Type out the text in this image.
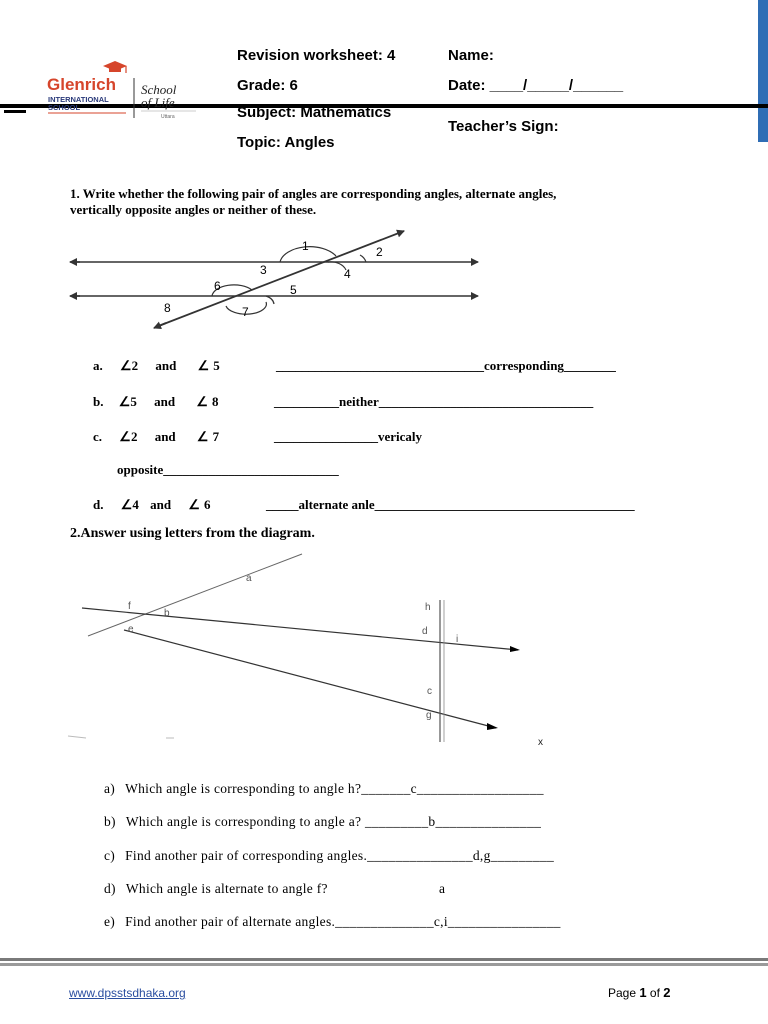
Glenrich
INTERNATIONAL
SCHOOL
School
of Life
Uttara
Revision worksheet: 4
Grade: 6
Subject: Mathematics
Topic: Angles
Name:
Date: ____/_____/______
Teacher’s Sign:
1. Write whether the following pair of angles are corresponding angles, alternate angles,
vertically opposite angles or neither of these.
1	2
3	4
6	5
8	7
a. ∠2 and ∠ 5	________________________________corresponding________
b. ∠5 and ∠ 8	__________neither_________________________________
c. ∠2 and ∠ 7	________________vericaly
opposite___________________________
d. ∠4 and ∠ 6	_____alternate anle________________________________________
2.Answer using letters from the diagram.
a
f
b
e
h
d
i
c
g
x
a) Which angle is corresponding to angle h?_______c__________________
b) Which angle is corresponding to angle a? _________b_______________
c) Find another pair of corresponding angles._______________d,g_________
d) Which angle is alternate to angle f?	a
e) Find another pair of alternate angles.______________c,i________________
www.dpsstsdhaka.org	Page 1 of 2
